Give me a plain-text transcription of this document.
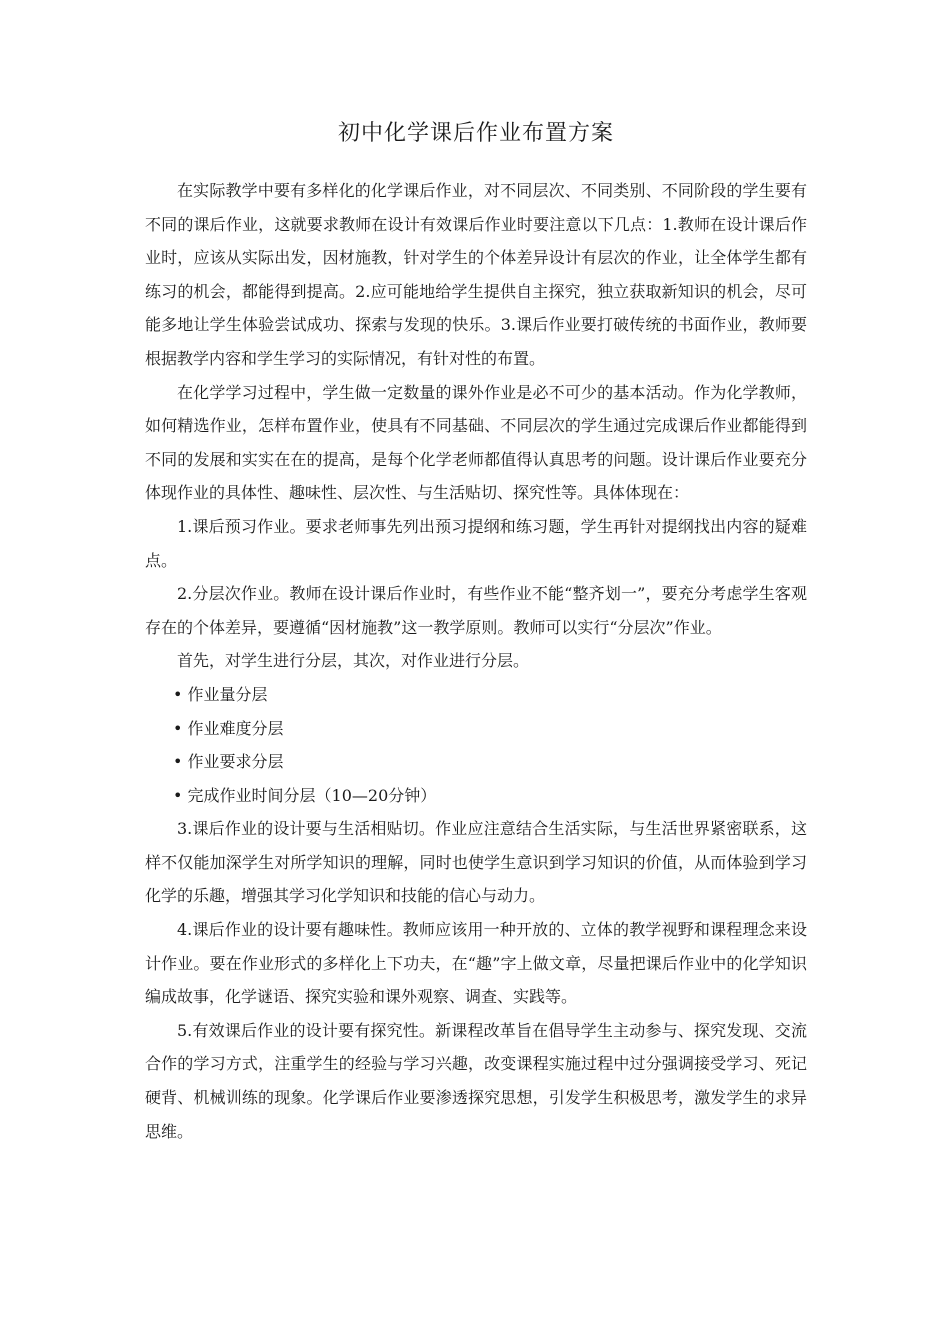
初中化学课后作业布置方案

在实际教学中要有多样化的化学课后作业，对不同层次、不同类别、不同阶段的学生要有不同的课后作业，这就要求教师在设计有效课后作业时要注意以下几点：1.教师在设计课后作业时，应该从实际出发，因材施教，针对学生的个体差异设计有层次的作业，让全体学生都有练习的机会，都能得到提高。2.应可能地给学生提供自主探究，独立获取新知识的机会，尽可能多地让学生体验尝试成功、探索与发现的快乐。3.课后作业要打破传统的书面作业，教师要根据教学内容和学生学习的实际情况，有针对性的布置。

在化学学习过程中，学生做一定数量的课外作业是必不可少的基本活动。作为化学教师，如何精选作业，怎样布置作业，使具有不同基础、不同层次的学生通过完成课后作业都能得到不同的发展和实实在在的提高，是每个化学老师都值得认真思考的问题。设计课后作业要充分体现作业的具体性、趣味性、层次性、与生活贴切、探究性等。具体体现在：

1.课后预习作业。要求老师事先列出预习提纲和练习题，学生再针对提纲找出内容的疑难点。

2.分层次作业。教师在设计课后作业时，有些作业不能“整齐划一”，要充分考虑学生客观存在的个体差异，要遵循“因材施教”这一教学原则。教师可以实行“分层次”作业。

首先，对学生进行分层，其次，对作业进行分层。

• 作业量分层

• 作业难度分层

• 作业要求分层

• 完成作业时间分层（10—20分钟）

3.课后作业的设计要与生活相贴切。作业应注意结合生活实际，与生活世界紧密联系，这样不仅能加深学生对所学知识的理解，同时也使学生意识到学习知识的价值，从而体验到学习化学的乐趣，增强其学习化学知识和技能的信心与动力。

4.课后作业的设计要有趣味性。教师应该用一种开放的、立体的教学视野和课程理念来设计作业。要在作业形式的多样化上下功夫，在“趣”字上做文章，尽量把课后作业中的化学知识编成故事，化学谜语、探究实验和课外观察、调查、实践等。

5.有效课后作业的设计要有探究性。新课程改革旨在倡导学生主动参与、探究发现、交流合作的学习方式，注重学生的经验与学习兴趣，改变课程实施过程中过分强调接受学习、死记硬背、机械训练的现象。化学课后作业要渗透探究思想，引发学生积极思考，激发学生的求异思维。
